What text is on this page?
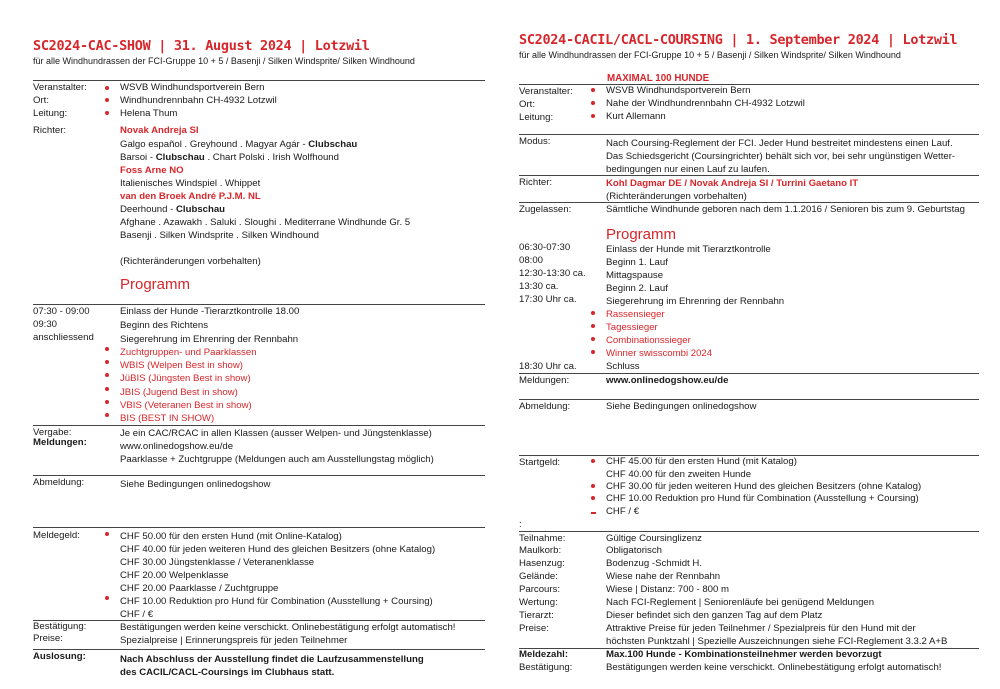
SC2024-CAC-SHOW | 31. August 2024 | Lotzwil
für alle Windhundrassen der FCI-Gruppe 10 + 5 / Basenji / Silken Windsprite/ Silken Windhound
Veranstalter:	WSVB Windhundsportverein Bern
Ort:	Windhundrennbahn CH-4932 Lotzwil
Leitung:	Helena Thum
Richter:	Novak Andreja SI
Galgo español . Greyhound . Magyar Agár - Clubschau
Barsoi - Clubschau . Chart Polski . Irish Wolfhound
Foss Arne NO
Italienisches Windspiel . Whippet
van den Broek André P.J.M. NL
Deerhound - Clubschau
Afghane . Azawakh . Saluki . Sloughi . Mediterrane Windhunde Gr. 5
Basenji . Silken Windsprite . Silken Windhound
(Richteränderungen vorbehalten)
Programm
07:30 - 09:00	Einlass der Hunde -Tierarztkontrolle 18.00
09:30	Beginn des Richtens
anschliessend	Siegerehrung im Ehrenring der Rennbahn
Zuchtgruppen- und Paarklassen
WBIS (Welpen Best in show)
JüBIS (Jüngsten Best in show)
JBIS (Jugend Best in show)
VBIS (Veteranen Best in show)
BIS (BEST IN SHOW)
Vergabe:	Je ein CAC/RCAC in allen Klassen (ausser Welpen- und Jüngstenklasse)
Meldungen:	www.onlinedogshow.eu/de
Paarklasse + Zuchtgruppe (Meldungen auch am Ausstellungstag möglich)
Abmeldung:	Siehe Bedingungen onlinedogshow
Meldegeld:	CHF 50.00 für den ersten Hund (mit Online-Katalog)
CHF 40.00 für jeden weiteren Hund des gleichen Besitzers (ohne Katalog)
CHF 30.00 Jüngstenklasse / Veteranenklasse
CHF 20.00 Welpenklasse
CHF 20.00 Paarklasse / Zuchtgruppe
CHF 10.00 Reduktion pro Hund für Combination (Ausstellung + Coursing)
CHF / €
Bestätigung:	Bestätigungen werden keine verschickt. Onlinebestätigung erfolgt automatisch!
Preise:	Spezialpreise | Erinnerungspreis für jeden Teilnehmer
Auslosung:	Nach Abschluss der Ausstellung findet die Laufzusammenstellung
des CACIL/CACL-Coursings im Clubhaus statt.
SC2024-CACIL/CACL-COURSING | 1. September 2024 | Lotzwil
für alle Windhundrassen der FCI-Gruppe 10 + 5 / Basenji / Silken Windsprite/ Silken Windhound
MAXIMAL 100 HUNDE
Veranstalter:	WSVB Windhundsportverein Bern
Ort:	Nahe der Windhundrennbahn CH-4932 Lotzwil
Leitung:	Kurt Allemann
Modus:	Nach Coursing-Reglement der FCI. Jeder Hund bestreitet mindestens einen Lauf.
Das Schiedsgericht (Coursingrichter) behält sich vor, bei sehr ungünstigen Wetter-
bedingungen nur einen Lauf zu laufen.
Richter:	Kohl Dagmar DE / Novak Andreja SI / Turrini Gaetano IT
(Richteränderungen vorbehalten)
Zugelassen:	Sämtliche Windhunde geboren nach dem 1.1.2016 / Senioren bis zum 9. Geburtstag
Programm
06:30-07:30	Einlass der Hunde mit Tierarztkontrolle
08:00	Beginn 1. Lauf
12:30-13:30 ca. Mittagspause
13:30 ca.	Beginn 2. Lauf
17:30 Uhr ca.	Siegerehrung im Ehrenring der Rennbahn
Rassensieger
Tagessieger
Combinationssieger
Winner swisscombi 2024
18:30 Uhr ca.	Schluss
Meldungen:	www.onlinedogshow.eu/de
Abmeldung:	Siehe Bedingungen onlinedogshow
Startgeld:	CHF 45.00 für den ersten Hund (mit Katalog)
CHF 40.00 für den zweiten Hunde
CHF 30.00 für jeden weiteren Hund des gleichen Besitzers (ohne Katalog)
CHF 10.00 Reduktion pro Hund für Combination (Ausstellung + Coursing)
CHF / €
:
Teilnahme:	Gültige Coursinglizenz
Maulkorb:	Obligatorisch
Hasenzug:	Bodenzug -Schmidt H.
Gelände:	Wiese nahe der Rennbahn
Parcours:	Wiese | Distanz: 700 - 800 m
Wertung:	Nach FCI-Reglement | Seniorenläufe bei genügend Meldungen
Tierarzt:	Dieser befindet sich den ganzen Tag auf dem Platz
Preise:	Attraktive Preise für jeden Teilnehmer / Spezialpreis für den Hund mit der
höchsten Punktzahl | Spezielle Auszeichnungen siehe FCI-Reglement 3.3.2 A+B
Meldezahl:	Max.100 Hunde - Kombinationsteilnehmer werden bevorzugt
Bestätigung:	Bestätigungen werden keine verschickt. Onlinebestätigung erfolgt automatisch!
